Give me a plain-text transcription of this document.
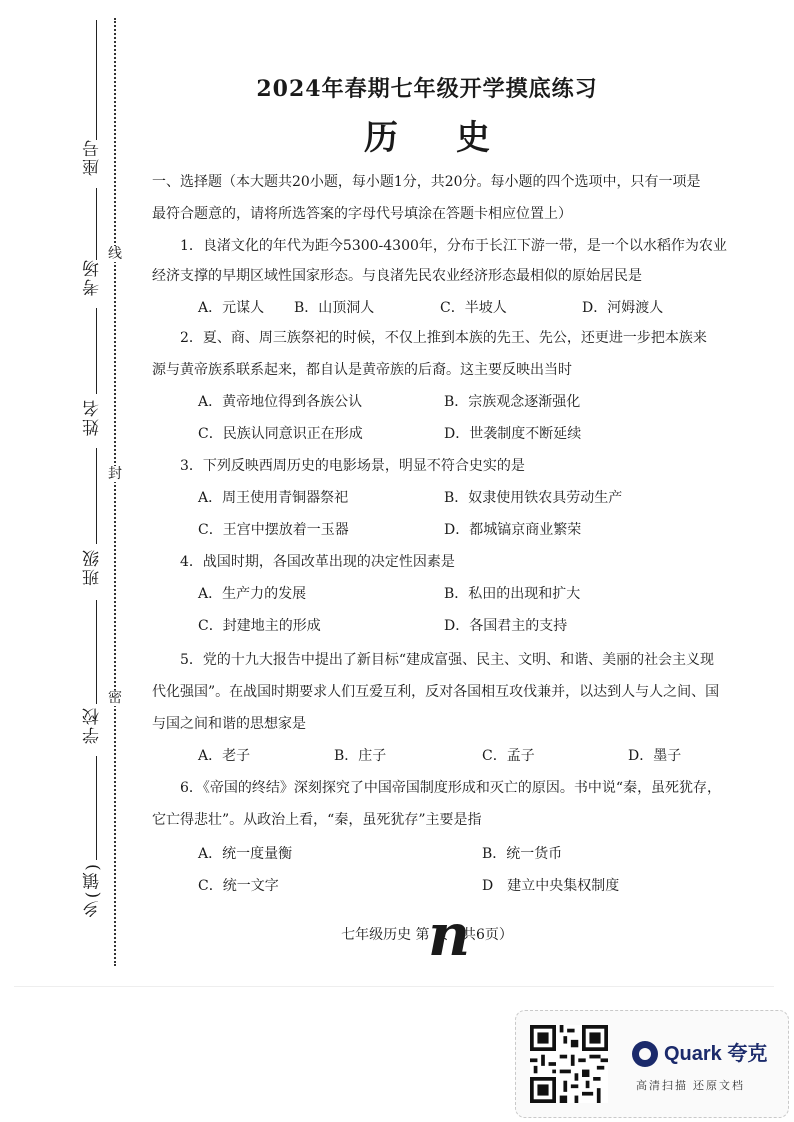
座号
考场
姓名
班级
学校
乡(镇)
线
封
密
2024年春期七年级开学摸底练习
历史
一、选择题（本大题共20小题，每小题1分，共20分。每小题的四个选项中，只有一项是
最符合题意的，请将所选答案的字母代号填涂在答题卡相应位置上）
1．良渚文化的年代为距今5300-4300年，分布于长江下游一带，是一个以水稻作为农业
经济支撑的早期区域性国家形态。与良渚先民农业经济形态最相似的原始居民是
A．元谋人 B．山顶洞人	C．半坡人	D．河姆渡人
2．夏、商、周三族祭祀的时候，不仅上推到本族的先王、先公，还更进一步把本族来
源与黄帝族系联系起来，都自认是黄帝族的后裔。这主要反映出当时
A．黄帝地位得到各族公认	B．宗族观念逐渐强化
C．民族认同意识正在形成	D．世袭制度不断延续
3．下列反映西周历史的电影场景，明显不符合史实的是
A．周王使用青铜器祭祀	B．奴隶使用铁农具劳动生产
C．王宫中摆放着一玉器	D．都城镐京商业繁荣
4．战国时期，各国改革出现的决定性因素是
A．生产力的发展	B．私田的出现和扩大
C．封建地主的形成	D．各国君主的支持
5．党的十九大报告中提出了新目标“建成富强、民主、文明、和谐、美丽的社会主义现
代化强国”。在战国时期要求人们互爱互利，反对各国相互攻伐兼并，以达到人与人之间、国
与国之间和谐的思想家是
A．老子	B．庄子	C．孟子	D．墨子
6．《帝国的终结》深刻探究了中国帝国制度形成和灭亡的原因。书中说“秦，虽死犹存，
它亡得悲壮”。从政治上看，“秦，虽死犹存”主要是指
A．统一度量衡	B．统一货币
C．统一文字	D　建立中央集权制度
七年级历史 第 页（共6页）
n
Quark 夸克
高清扫描 还原文档
